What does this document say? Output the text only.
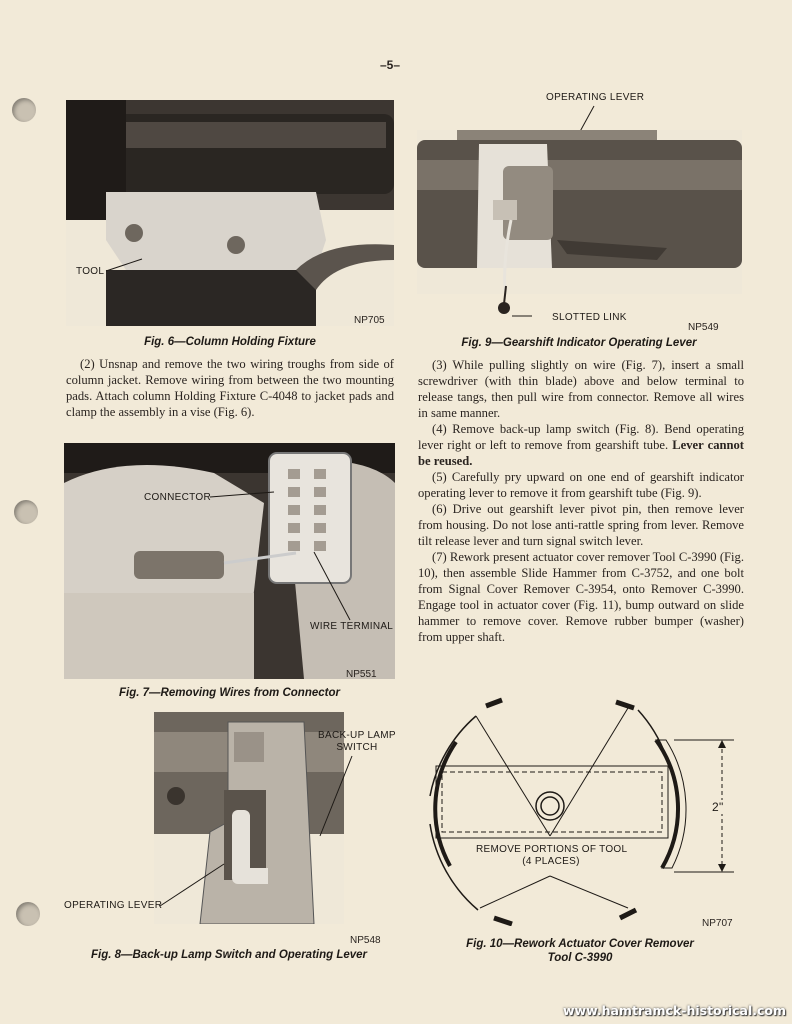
–5–
TOOL
NP705
Fig. 6—Column Holding Fixture

(2) Unsnap and remove the two wiring troughs from side of column jacket. Remove wiring from between the two mounting pads. Attach column Holding Fixture C-4048 to jacket pads and clamp the assembly in a vise (Fig. 6).

CONNECTOR
WIRE TERMINAL
NP551
Fig. 7—Removing Wires from Connector
BACK-UP LAMP
SWITCH
OPERATING LEVER
NP548
Fig. 8—Back-up Lamp Switch and Operating Lever
OPERATING LEVER
SLOTTED LINK
NP549
Fig. 9—Gearshift Indicator Operating Lever

(3) While pulling slightly on wire (Fig. 7), insert a small screwdriver (with thin blade) above and below terminal to release tangs, then pull wire from connector. Remove all wires in same manner.

(4) Remove back-up lamp switch (Fig. 8). Bend operating lever right or left to remove from gearshift tube. Lever cannot be reused.

(5) Carefully pry upward on one end of gearshift indicator operating lever to remove it from gearshift tube (Fig. 9).

(6) Drive out gearshift lever pivot pin, then remove lever from housing. Do not lose anti-rattle spring from lever. Remove tilt release lever and turn signal switch lever.

(7) Rework present actuator cover remover Tool C-3990 (Fig. 10), then assemble Slide Hammer from C-3752, and one bolt from Signal Cover Remover C-3954, onto Remover C-3990. Engage tool in actuator cover (Fig. 11), bump outward on slide hammer to remove cover. Remove rubber bumper (washer) from upper shaft.

2"
REMOVE PORTIONS OF TOOL
(4 PLACES)
NP707
Fig. 10—Rework Actuator Cover Remover
Tool C-3990
www.hamtramck-historical.com
